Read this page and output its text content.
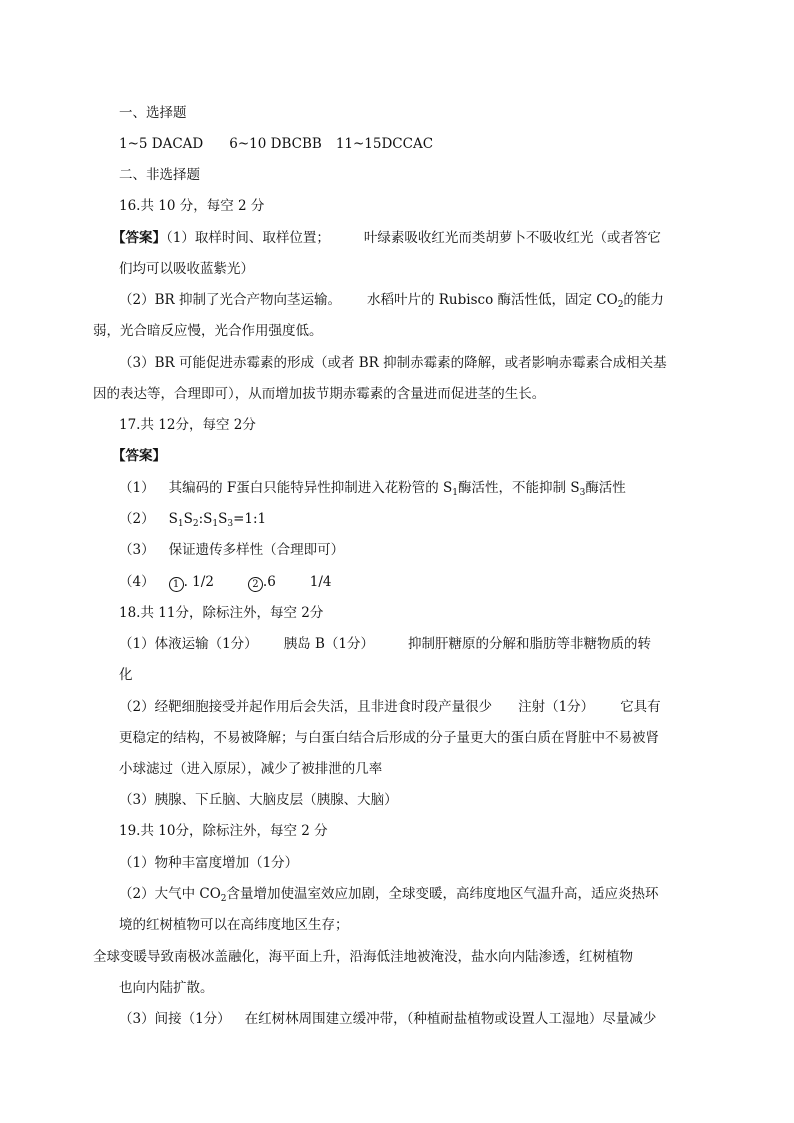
一、选择题
1~5 DACAD 6~10 DBCBB 11~15DCCAC
二、非选择题
16.共 10 分，每空 2 分
【答案】（1）取样时间、取样位置；	叶绿素吸收红光而类胡萝卜不吸收红光（或者答它
们均可以吸收蓝紫光）
（2）BR 抑制了光合产物向茎运输。 水稻叶片的 Rubisco 酶活性低，固定 $CO_2$的能力
弱，光合暗反应慢，光合作用强度低。
（3）BR 可能促进赤霉素的形成（或者 BR 抑制赤霉素的降解，或者影响赤霉素合成相关基
因的表达等，合理即可），从而增加拔节期赤霉素的含量进而促进茎的生长。
17.共 12分，每空 2分
【答案】
（1） 其编码的 F蛋白只能特异性抑制进入花粉管的 $S_1$酶活性，不能抑制 $S_3$酶活性
（2） $S_1S_2:S_1S_3=1:1$
（3） 保证遗传多样性（合理即可）
（4） 1 . 1/2	2 .6	1/4
18.共 11分，除标注外，每空 2分
（1）体液运输（1分） 胰岛 B（1分）	抑制肝糖原的分解和脂肪等非糖物质的转
化
（2）经靶细胞接受并起作用后会失活，且非进食时段产量很少 注射（1分） 它具有
更稳定的结构，不易被降解；与白蛋白结合后形成的分子量更大的蛋白质在肾脏中不易被肾
小球滤过（进入原尿），减少了被排泄的几率
（3）胰腺、下丘脑、大脑皮层（胰腺、大脑）
19.共 10分，除标注外，每空 2 分
（1）物种丰富度增加（1分）
（2）大气中 $CO_2$含量增加使温室效应加剧，全球变暖，高纬度地区气温升高，适应炎热环
境的红树植物可以在高纬度地区生存；
全球变暖导致南极冰盖融化，海平面上升，沿海低洼地被淹没，盐水向内陆渗透，红树植物
也向内陆扩散。
（3）间接（1分） 在红树林周围建立缓冲带，（种植耐盐植物或设置人工湿地）尽量减少
